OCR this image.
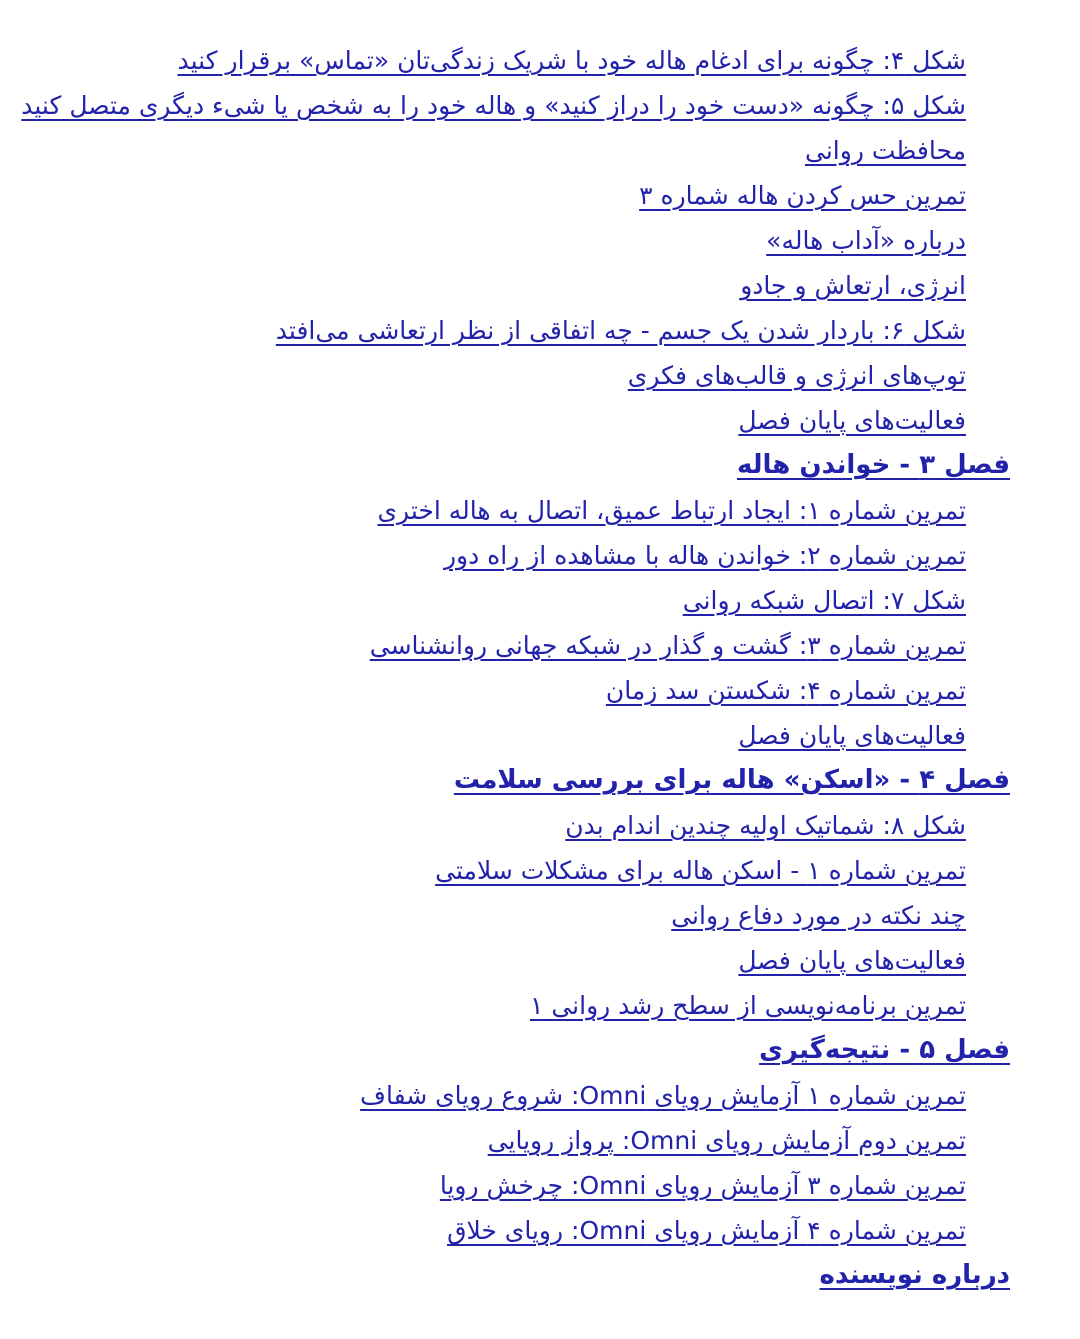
شکل ۴: چگونه برای ادغام هاله خود با شریک زندگی‌تان «تماس» برقرار کنید
شکل ۵: چگونه «دست خود را دراز کنید» و هاله خود را به شخص یا شیء دیگری متصل کنید
محافظت روانی
تمرین حس کردن هاله شماره ۳
درباره «آداب هاله»
انرژی، ارتعاش و جادو
شکل ۶: باردار شدن یک جسم - چه اتفاقی از نظر ارتعاشی می‌افتد
توپ‌های انرژی و قالب‌های فکری
فعالیت‌های پایان فصل
فصل ۳ - خواندن هاله
تمرین شماره ۱: ایجاد ارتباط عمیق، اتصال به هاله اختری
تمرین شماره ۲: خواندن هاله با مشاهده از راه دور
شکل ۷: اتصال شبکه روانی
تمرین شماره ۳: گشت و گذار در شبکه جهانی روانشناسی
تمرین شماره ۴: شکستن سد زمان
فعالیت‌های پایان فصل
فصل ۴ - «اسکن» هاله برای بررسی سلامت
شکل ۸: شماتیک اولیه چندین اندام بدن
تمرین شماره ۱ - اسکن هاله برای مشکلات سلامتی
چند نکته در مورد دفاع روانی
فعالیت‌های پایان فصل
تمرین برنامه‌نویسی از سطح رشد روانی ۱
فصل ۵ - نتیجه‌گیری
تمرین شماره ۱ آزمایش رویای Omni: شروع رویای شفاف
تمرین دوم آزمایش رویای Omni: پرواز رویایی
تمرین شماره ۳ آزمایش رویای Omni: چرخش رویا
تمرین شماره ۴ آزمایش رویای Omni: رویای خلاق
درباره نویسنده
